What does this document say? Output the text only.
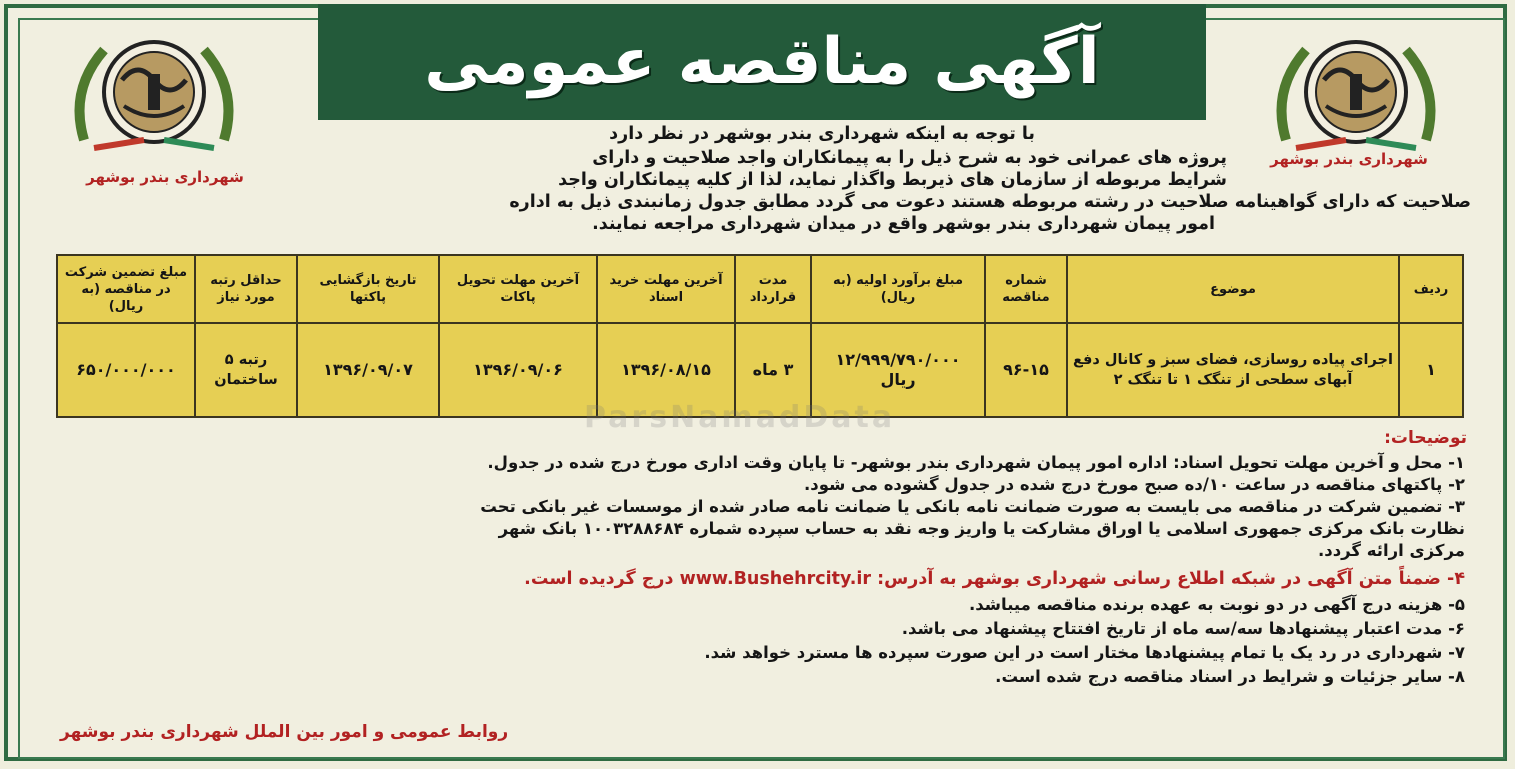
آگهی مناقصه عمومی
شهرداری بندر بوشهر
شهرداری بندر بوشهر
با توجه به اینکه شهرداری بندر بوشهر در نظر دارد
پروژه های عمرانی خود به شرح ذیل را به پیمانکاران واجد صلاحیت و دارای
شرایط مربوطه از سازمان های ذیربط واگذار نماید، لذا از کلیه پیمانکاران واجد
صلاحیت که دارای گواهینامه صلاحیت در رشته مربوطه هستند دعوت می گردد مطابق جدول زمانبندی ذیل به اداره
امور پیمان شهرداری بندر بوشهر واقع در میدان شهرداری مراجعه نمایند.
ردیف	موضوع	شماره مناقصه	مبلغ برآورد اولیه (به ریال)	مدت قرارداد	آخرین مهلت خرید اسناد	آخرین مهلت تحویل پاکات	تاریخ بازگشایی پاکتها	حداقل رتبه مورد نیاز	مبلغ تضمین شرکت در مناقصه (به ریال)
۱	اجرای پیاده روسازی، فضای سبز و کانال دفع آبهای سطحی از تنگک ۱ تا تنگک ۲	۹۶-۱۵	۱۲/۹۹۹/۷۹۰/۰۰۰ ریال	۳ ماه	۱۳۹۶/۰۸/۱۵	۱۳۹۶/۰۹/۰۶	۱۳۹۶/۰۹/۰۷	رتبه ۵ ساختمان	۶۵۰/۰۰۰/۰۰۰
ParsNamadData
توضیحات:
۱- محل و آخرین مهلت تحویل اسناد: اداره امور پیمان شهرداری بندر بوشهر- تا پایان وقت اداری مورخ درج شده در جدول.
۲- پاکتهای مناقصه در ساعت ۱۰/ده صبح مورخ درج شده در جدول گشوده می شود.
۳- تضمین شرکت در مناقصه می بایست به صورت ضمانت نامه بانکی یا ضمانت نامه صادر شده از موسسات غیر بانکی تحت
نظارت بانک مرکزی جمهوری اسلامی یا اوراق مشارکت یا واریز وجه نقد به حساب سپرده شماره ۱۰۰۳۲۸۸۶۸۴ بانک شهر
مرکزی ارائه گردد.
۴- ضمناً متن آگهی در شبکه اطلاع رسانی شهرداری بوشهر به آدرس: www.Bushehrcity.ir درج گردیده است.
۵- هزینه درج آگهی در دو نوبت به عهده برنده مناقصه میباشد.
۶- مدت اعتبار پیشنهادها سه/سه ماه از تاریخ افتتاح پیشنهاد می باشد.
۷- شهرداری در رد یک یا تمام پیشنهادها مختار است در این صورت سپرده ها مسترد خواهد شد.
۸- سایر جزئیات و شرایط در اسناد مناقصه درج شده است.
روابط عمومی و امور بین الملل شهرداری بندر بوشهر
